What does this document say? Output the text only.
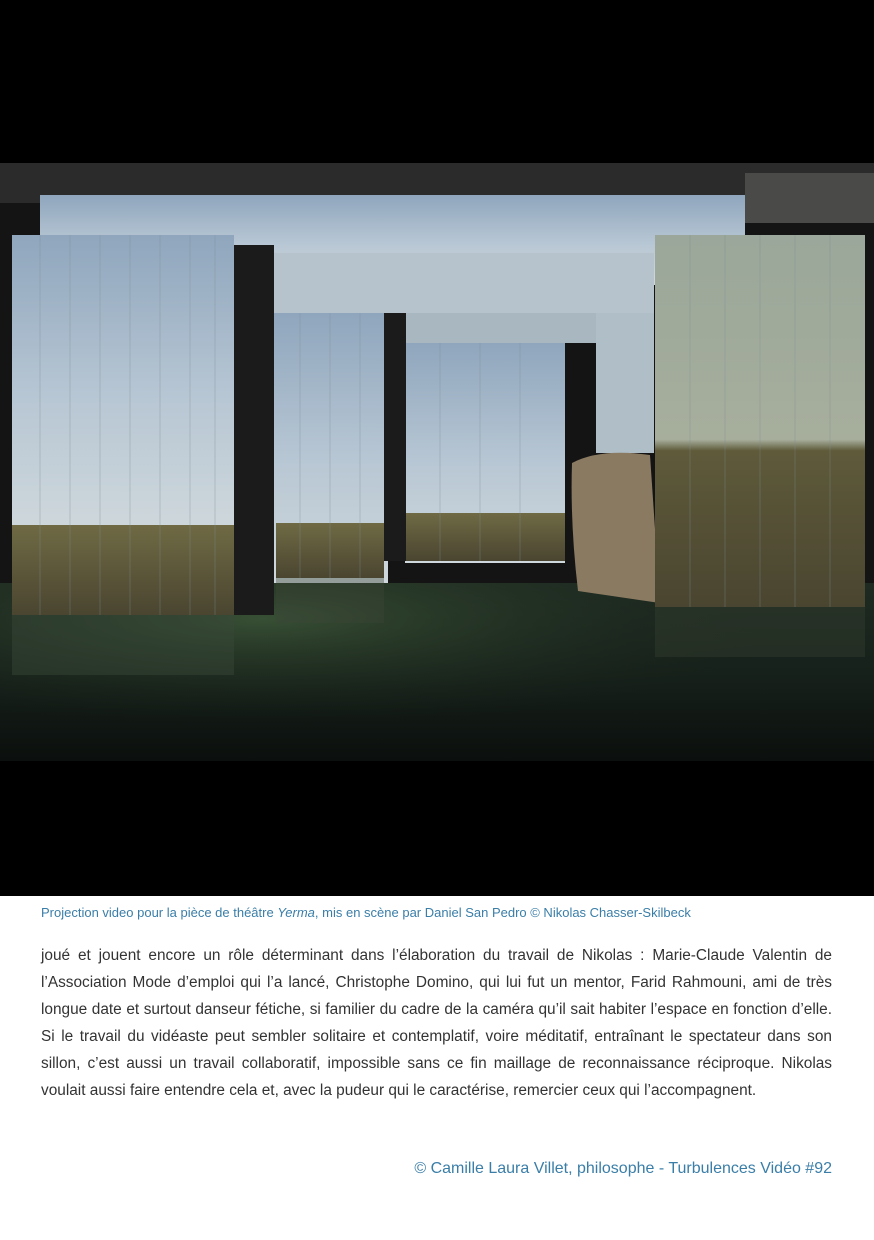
Projection video pour la pièce de théâtre Yerma, mis en scène par Daniel San Pedro © Nikolas Chasser-Skilbeck

joué et jouent encore un rôle déterminant dans l’élaboration du travail de Nikolas : Marie-Claude Valentin de l’Association Mode d’emploi qui l’a lancé, Christophe Domino, qui lui fut un mentor, Farid Rahmouni, ami de très longue date et surtout danseur fétiche, si familier du cadre de la caméra qu’il sait habiter l’espace en fonction d’elle. Si le travail du vidéaste peut sembler solitaire et contemplatif, voire méditatif, entraînant le spectateur dans son sillon, c’est aussi un travail collaboratif, impossible sans ce fin maillage de reconnaissance réciproque. Nikolas voulait aussi faire entendre cela et, avec la pudeur qui le caractérise, remercier ceux qui l’accompagnent.

© Camille Laura Villet, philosophe - Turbulences Vidéo #92
